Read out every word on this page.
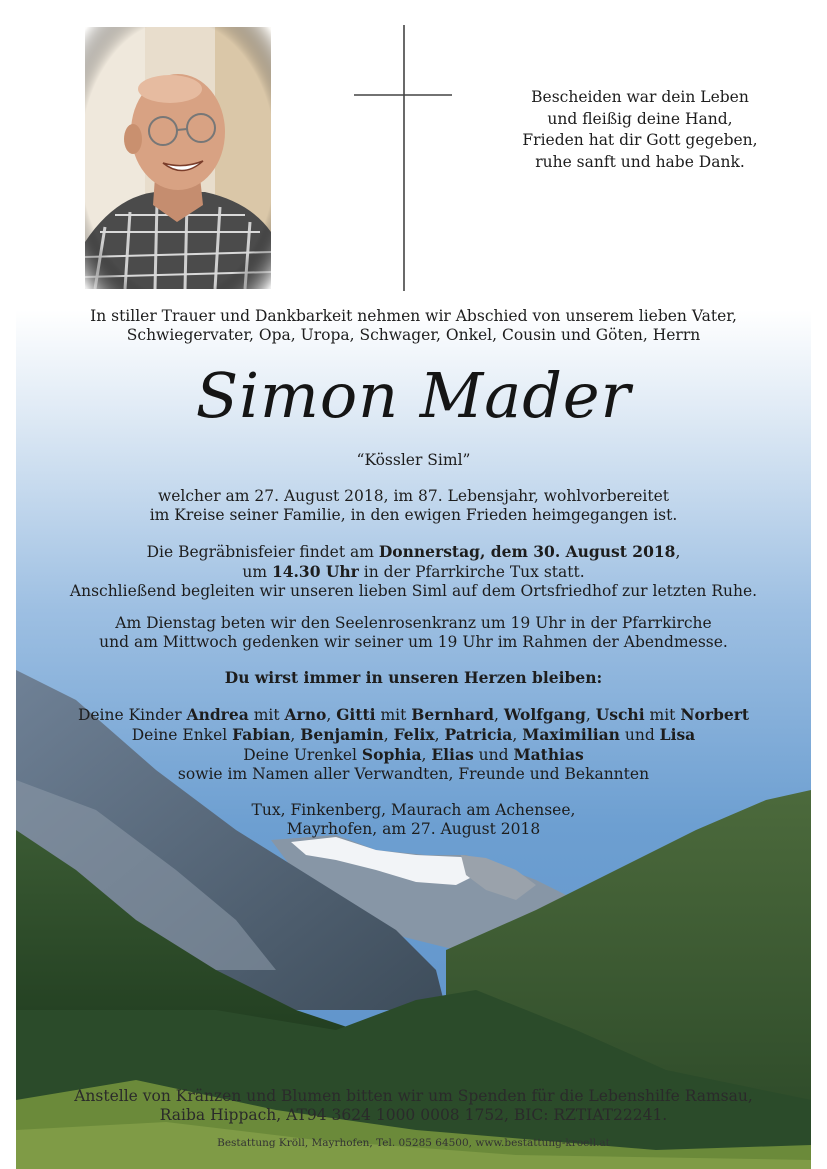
Bescheiden war dein Leben
und fleißig deine Hand,
Frieden hat dir Gott gegeben,
ruhe sanft und habe Dank.
In stiller Trauer und Dankbarkeit nehmen wir Abschied von unserem lieben Vater,
Schwiegervater, Opa, Uropa, Schwager, Onkel, Cousin und Göten, Herrn
Simon Mader
“Kössler Siml”
welcher am 27. August 2018, im 87. Lebensjahr, wohlvorbereitet
im Kreise seiner Familie, in den ewigen Frieden heimgegangen ist.
Die Begräbnisfeier findet am Donnerstag, dem 30. August 2018,
um 14.30 Uhr in der Pfarrkirche Tux statt.
Anschließend begleiten wir unseren lieben Siml auf dem Ortsfriedhof zur letzten Ruhe.
Am Dienstag beten wir den Seelenrosenkranz um 19 Uhr in der Pfarrkirche
und am Mittwoch gedenken wir seiner um 19 Uhr im Rahmen der Abendmesse.
Du wirst immer in unseren Herzen bleiben:
Deine Kinder Andrea mit Arno, Gitti mit Bernhard, Wolfgang, Uschi mit Norbert
Deine Enkel Fabian, Benjamin, Felix, Patricia, Maximilian und Lisa
Deine Urenkel Sophia, Elias und Mathias
sowie im Namen aller Verwandten, Freunde und Bekannten
Tux, Finkenberg, Maurach am Achensee,
Mayrhofen, am 27. August 2018
Anstelle von Kränzen und Blumen bitten wir um Spenden für die Lebenshilfe Ramsau,
Raiba Hippach, AT94 3624 1000 0008 1752, BIC: RZTIAT22241.
Bestattung Kröll, Mayrhofen, Tel. 05285 64500, www.bestattung-kroell.at
